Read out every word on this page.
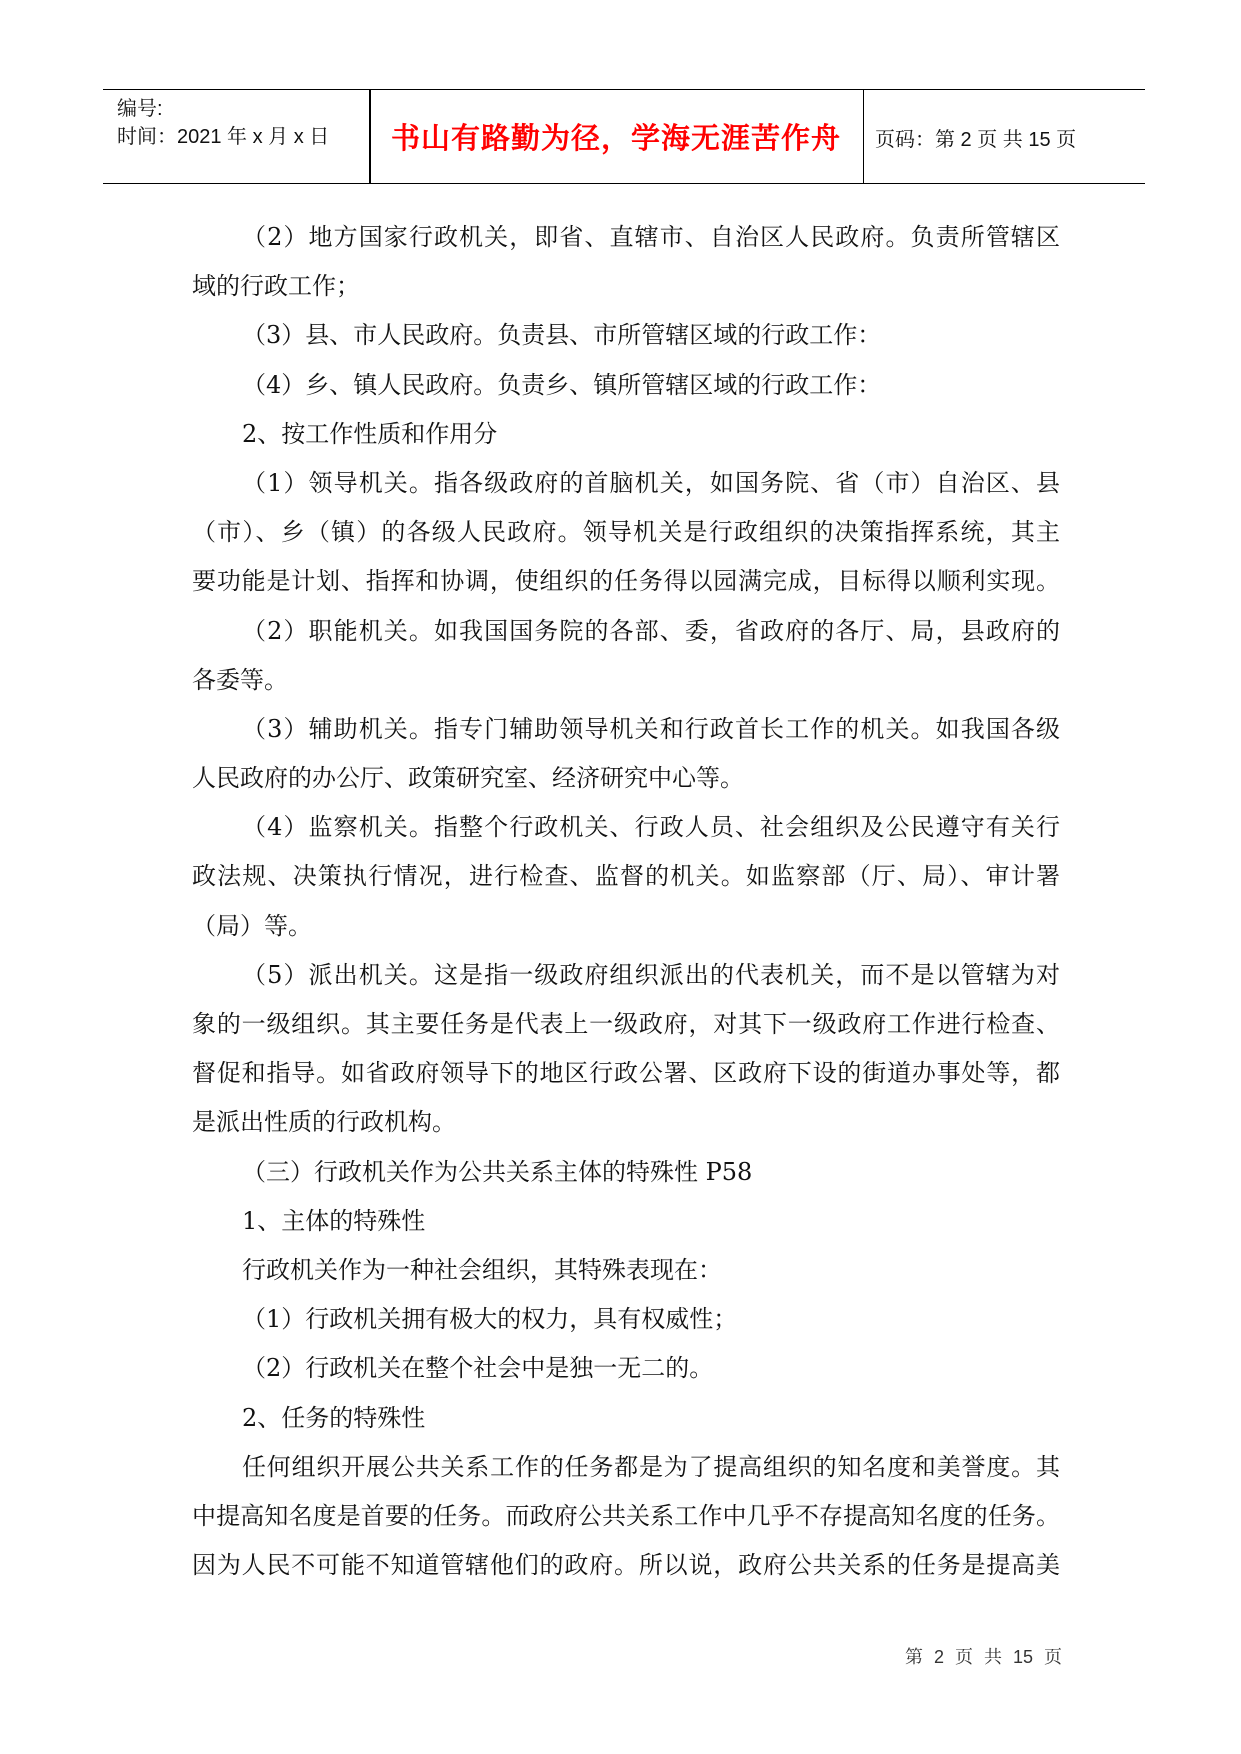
编号:
时间：2021 年 x 月 x 日	书山有路勤为径，学海无涯苦作舟	页码：第 2 页 共 15 页
（2）地方国家行政机关，即省、直辖市、自治区人民政府。负责所管辖区
域的行政工作；
（3）县、市人民政府。负责县、市所管辖区域的行政工作：
（4）乡、镇人民政府。负责乡、镇所管辖区域的行政工作：
2、按工作性质和作用分
（1）领导机关。指各级政府的首脑机关，如国务院、省（市）自治区、县
（市）、乡（镇）的各级人民政府。领导机关是行政组织的决策指挥系统，其主
要功能是计划、指挥和协调，使组织的任务得以园满完成，目标得以顺利实现。
（2）职能机关。如我国国务院的各部、委，省政府的各厅、局，县政府的
各委等。
（3）辅助机关。指专门辅助领导机关和行政首长工作的机关。如我国各级
人民政府的办公厅、政策研究室、经济研究中心等。
（4）监察机关。指整个行政机关、行政人员、社会组织及公民遵守有关行
政法规、决策执行情况，进行检查、监督的机关。如监察部（厅、局）、审计署
（局）等。
（5）派出机关。这是指一级政府组织派出的代表机关，而不是以管辖为对
象的一级组织。其主要任务是代表上一级政府，对其下一级政府工作进行检查、
督促和指导。如省政府领导下的地区行政公署、区政府下设的街道办事处等，都
是派出性质的行政机构。
（三）行政机关作为公共关系主体的特殊性 P58
1、主体的特殊性
行政机关作为一种社会组织，其特殊表现在：
（1）行政机关拥有极大的权力，具有权威性；
（2）行政机关在整个社会中是独一无二的。
2、任务的特殊性
任何组织开展公共关系工作的任务都是为了提高组织的知名度和美誉度。其
中提高知名度是首要的任务。而政府公共关系工作中几乎不存提高知名度的任务。
因为人民不可能不知道管辖他们的政府。所以说，政府公共关系的任务是提高美
第 2 页 共 15 页
